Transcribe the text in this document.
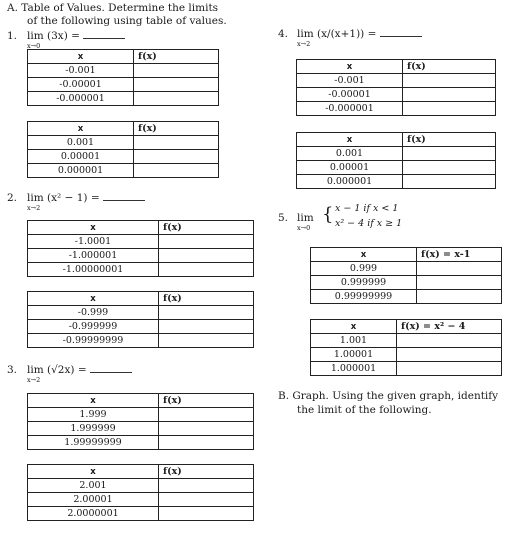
A. Table of Values. Determine the limits
of the following using table of values.
1. lim (3x) =
x→0
x	f(x)
-0.001	
-0.00001	
-0.000001	
x	f(x)
0.001	
0.00001	
0.000001	
2. lim (x² − 1) =
x→2
x	f(x)
-1.0001	
-1.000001	
-1.00000001	
x	f(x)
-0.999	
-0.999999	
-0.99999999	
3. lim (√2x) =
x→2
x	f(x)
1.999	
1.999999	
1.99999999	
x	f(x)
2.001	
2.00001	
2.0000001	
4. lim (x/(x+1)) =
x→2
x	f(x)
-0.001	
-0.00001	
-0.000001	
x	f(x)
0.001	
0.00001	
0.000001	
5. lim
x→0
{ x − 1 if x < 1
x² − 4 if x ≥ 1
x	f(x) = x-1
0.999	
0.999999	
0.99999999	
x	f(x) = x² − 4
1.001	
1.00001	
1.000001	
B. Graph. Using the given graph, identify
the limit of the following.
